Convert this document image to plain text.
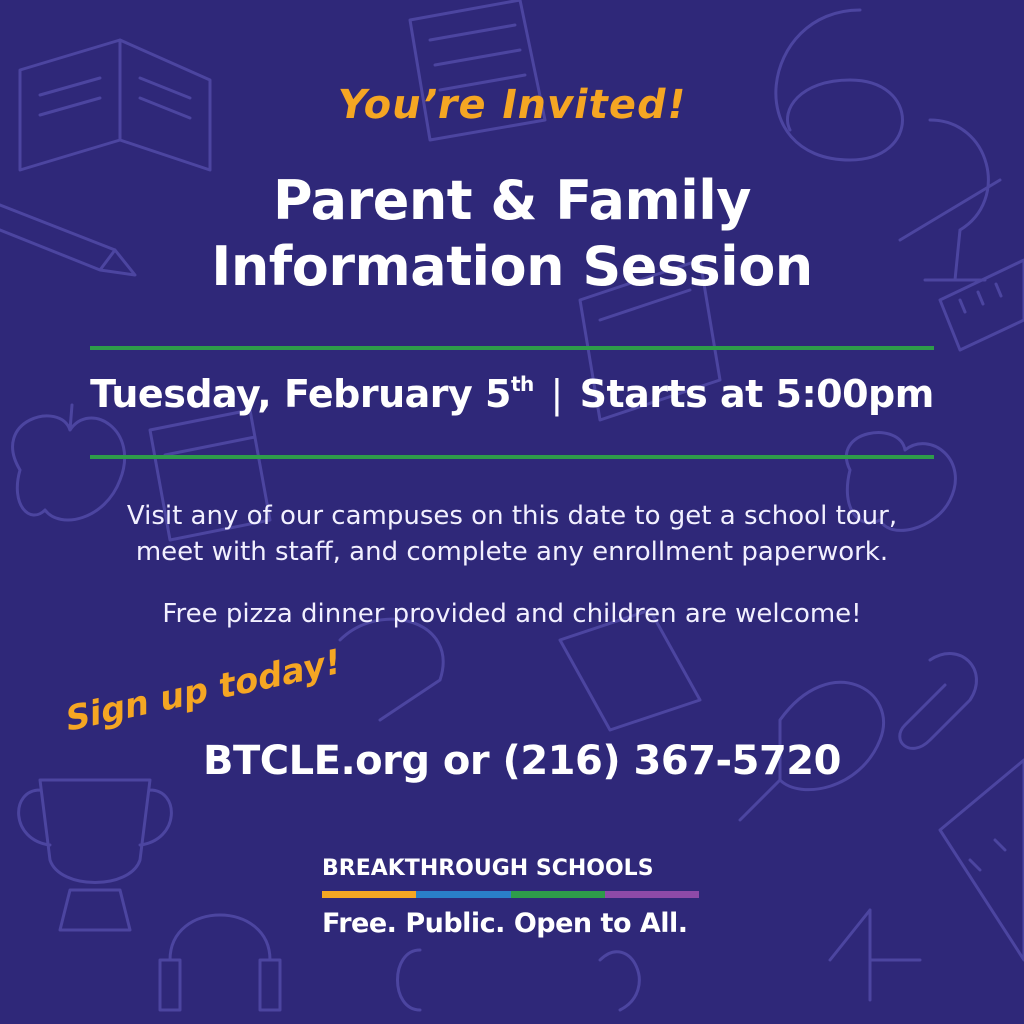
You’re Invited!
Parent & Family
Information Session
Tuesday, February 5th | Starts at 5:00pm
Visit any of our campuses on this date to get a school tour,
meet with staff, and complete any enrollment paperwork.
Free pizza dinner provided and children are welcome!
Sign up today!
BTCLE.org or (216) 367-5720
BREAKTHROUGH SCHOOLS
Free. Public. Open to All.
